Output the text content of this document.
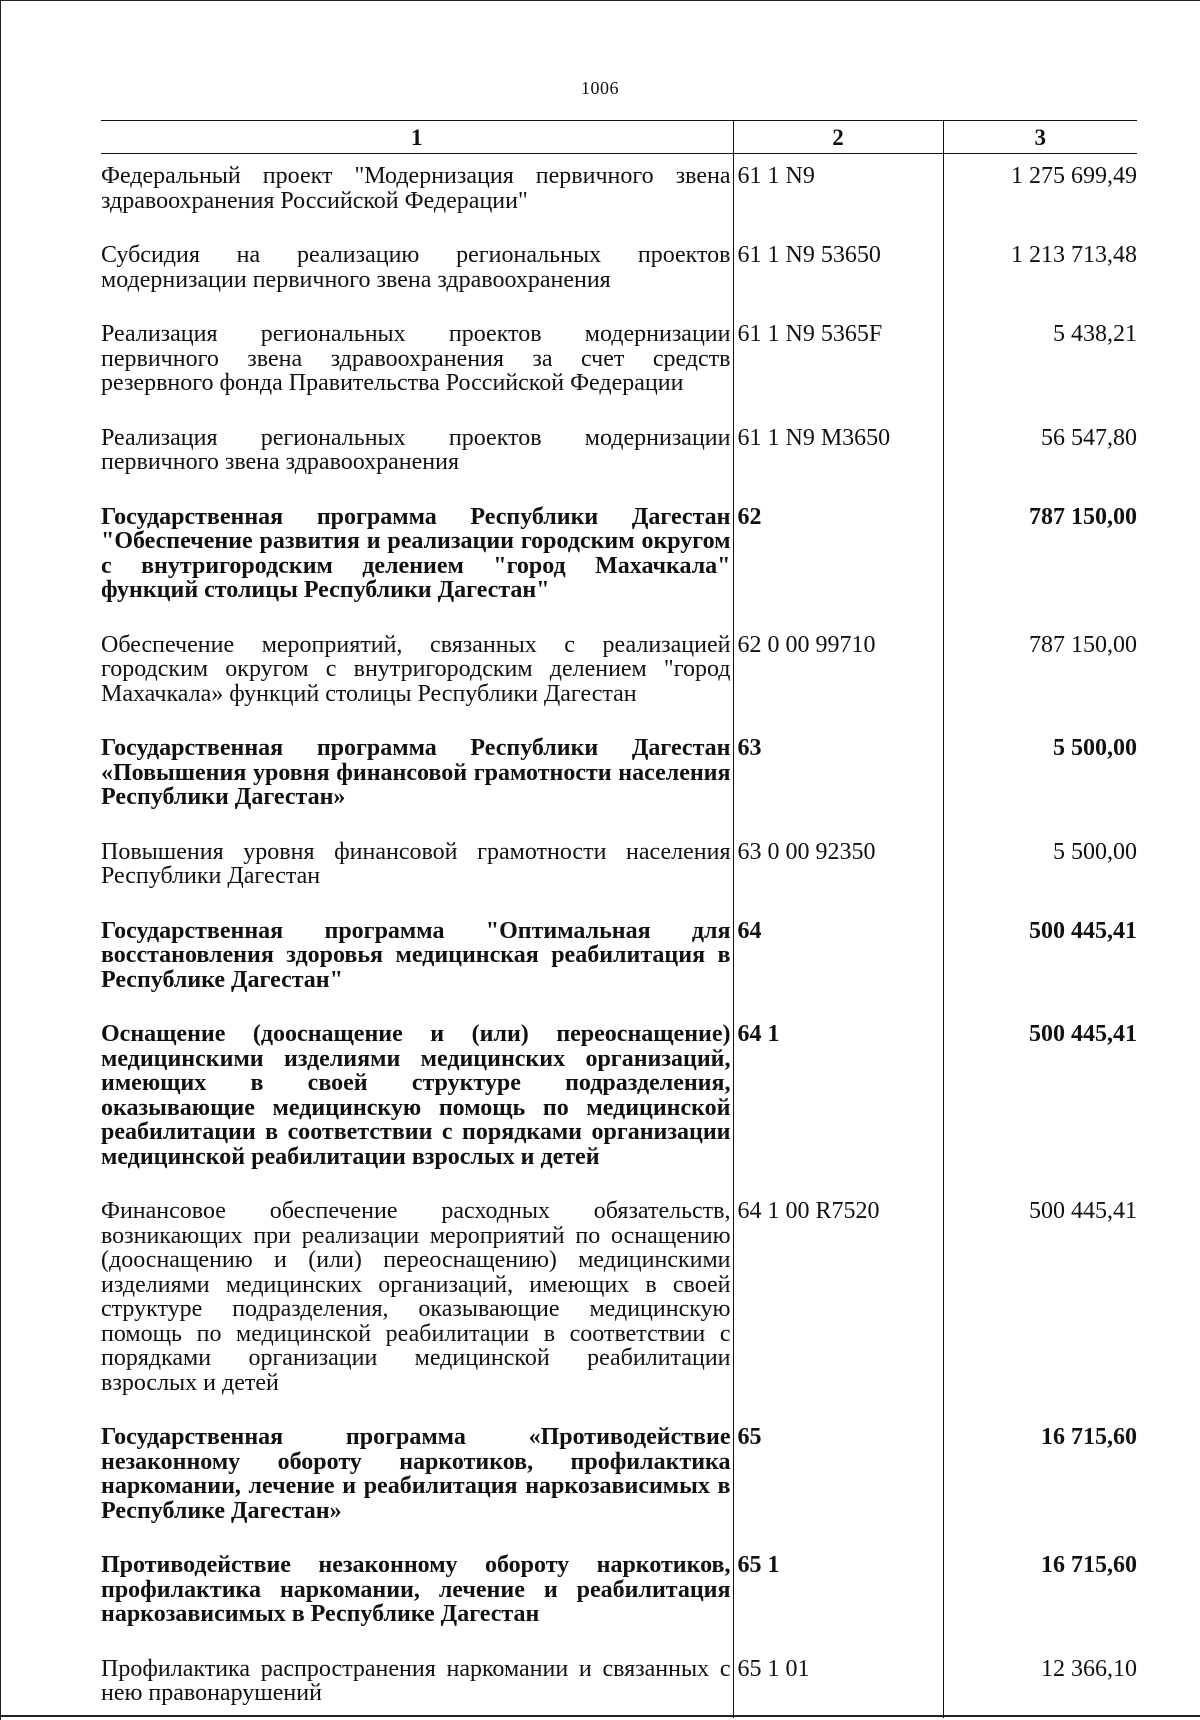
1006
1	2	3
Федеральный проект "Модернизация первичного звена здравоохранения Российской Федерации"	61 1 N9	1 275 699,49
Субсидия на реализацию региональных проектов модернизации первичного звена здравоохранения	61 1 N9 53650	1 213 713,48
Реализация региональных проектов модернизации первичного звена здравоохранения за счет средств резервного фонда Правительства Российской Федерации	61 1 N9 5365F	5 438,21
Реализация региональных проектов модернизации первичного звена здравоохранения	61 1 N9 M3650	56 547,80
Государственная программа Республики Дагестан "Обеспечение развития и реализации городским округом с внутригородским делением "город Махачкала" функций столицы Республики Дагестан"	62	787 150,00
Обеспечение мероприятий, связанных с реализацией городским округом с внутригородским делением "город Махачкала» функций столицы Республики Дагестан	62 0 00 99710	787 150,00
Государственная программа Республики Дагестан «Повышения уровня финансовой грамотности населения Республики Дагестан»	63	5 500,00
Повышения уровня финансовой грамотности населения Республики Дагестан	63 0 00 92350	5 500,00
Государственная программа "Оптимальная для восстановления здоровья медицинская реабилитация в Республике Дагестан"	64	500 445,41
Оснащение (дооснащение и (или) переоснащение) медицинскими изделиями медицинских организаций, имеющих в своей структуре подразделения, оказывающие медицинскую помощь по медицинской реабилитации в соответствии с порядками организации медицинской реабилитации взрослых и детей	64 1	500 445,41
Финансовое обеспечение расходных обязательств, возникающих при реализации мероприятий по оснащению (дооснащению и (или) переоснащению) медицинскими изделиями медицинских организаций, имеющих в своей структуре подразделения, оказывающие медицинскую помощь по медицинской реабилитации в соответствии с порядками организации медицинской реабилитации взрослых и детей	64 1 00 R7520	500 445,41
Государственная программа «Противодействие незаконному обороту наркотиков, профилактика наркомании, лечение и реабилитация наркозависимых в Республике Дагестан»	65	16 715,60
Противодействие незаконному обороту наркотиков, профилактика наркомании, лечение и реабилитация наркозависимых в Республике Дагестан	65 1	16 715,60
Профилактика распространения наркомании и связанных с нею правонарушений	65 1 01	12 366,10
